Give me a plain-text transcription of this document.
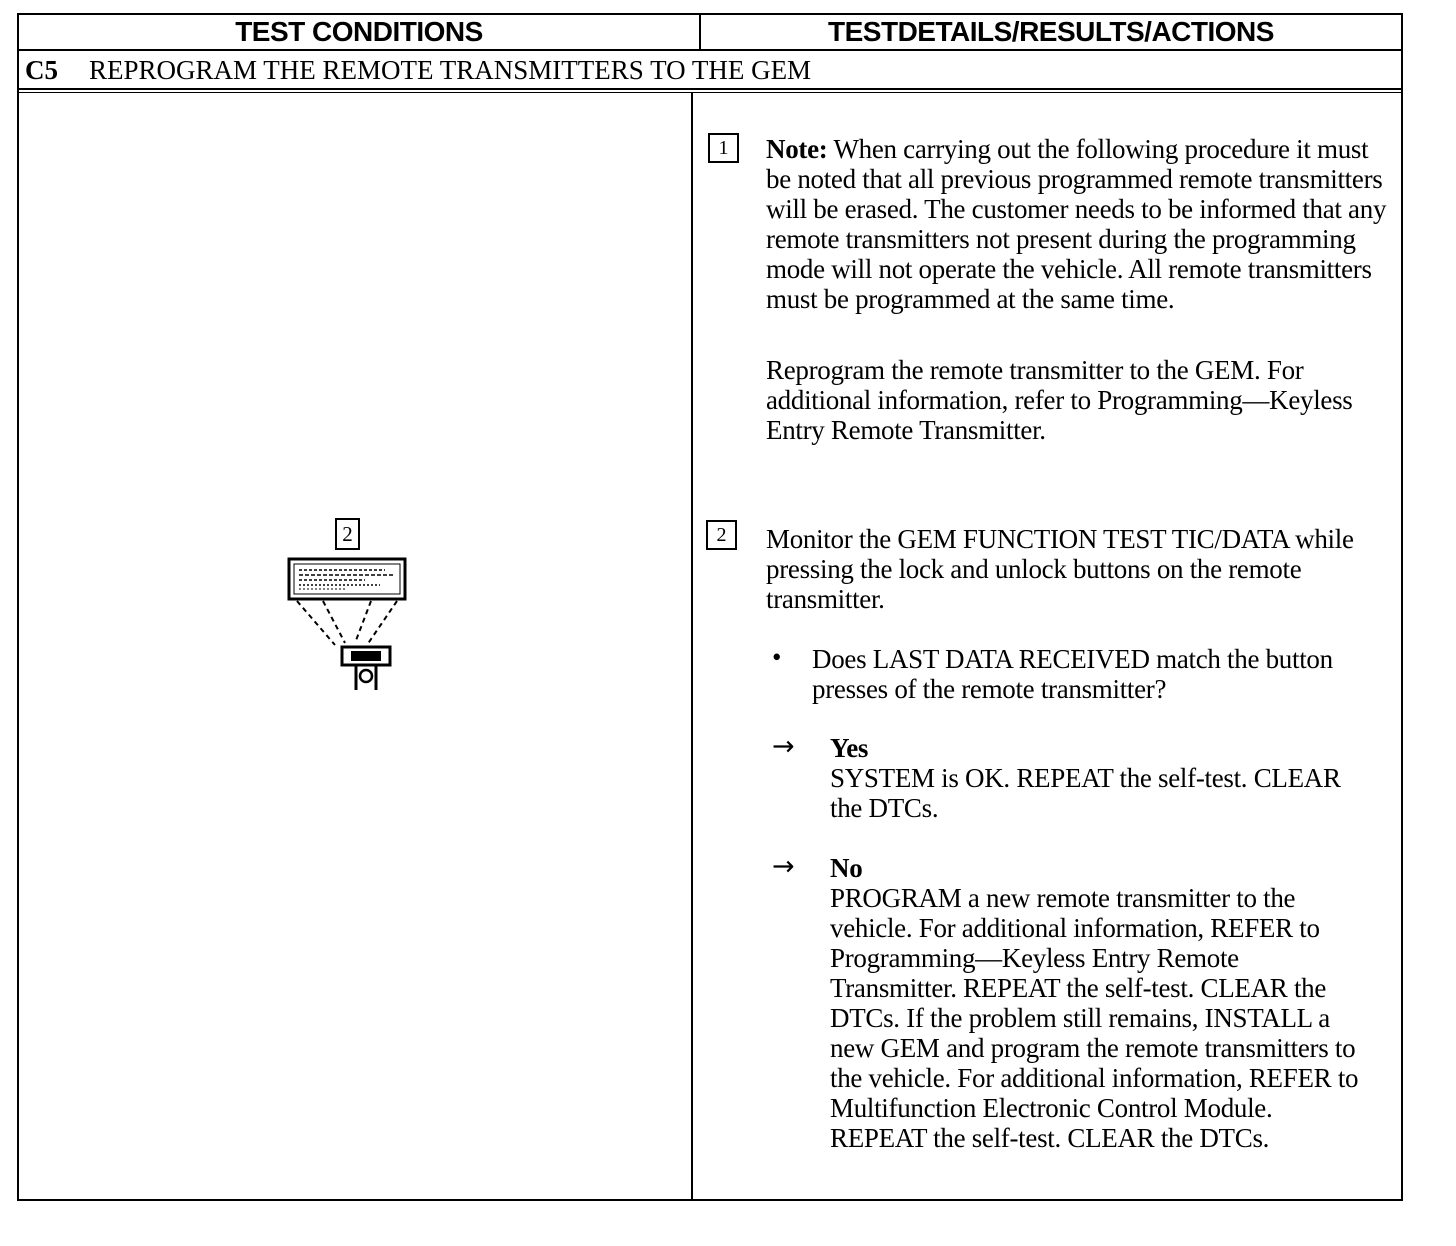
TEST CONDITIONS	TESTDETAILS/RESULTS/ACTIONS
C5	REPROGRAM THE REMOTE TRANSMITTERS TO THE GEM
2
1 Note: When carrying out the following procedure it must be noted that all previous programmed remote transmitters will be erased. The customer needs to be informed that any remote transmitters not present during the programming mode will not operate the vehicle. All remote transmitters must be programmed at the same time.
Reprogram the remote transmitter to the GEM. For additional information, refer to Programming—Keyless Entry Remote Transmitter.
2 Monitor the GEM FUNCTION TEST TIC/DATA while pressing the lock and unlock buttons on the remote transmitter.
• Does LAST DATA RECEIVED match the button presses of the remote transmitter?
→ Yes
SYSTEM is OK. REPEAT the self-test. CLEAR the DTCs.
→ No
PROGRAM a new remote transmitter to the vehicle. For additional information, REFER to Programming—Keyless Entry Remote Transmitter. REPEAT the self-test. CLEAR the DTCs. If the problem still remains, INSTALL a new GEM and program the remote transmitters to the vehicle. For additional information, REFER to Multifunction Electronic Control Module. REPEAT the self-test. CLEAR the DTCs.
